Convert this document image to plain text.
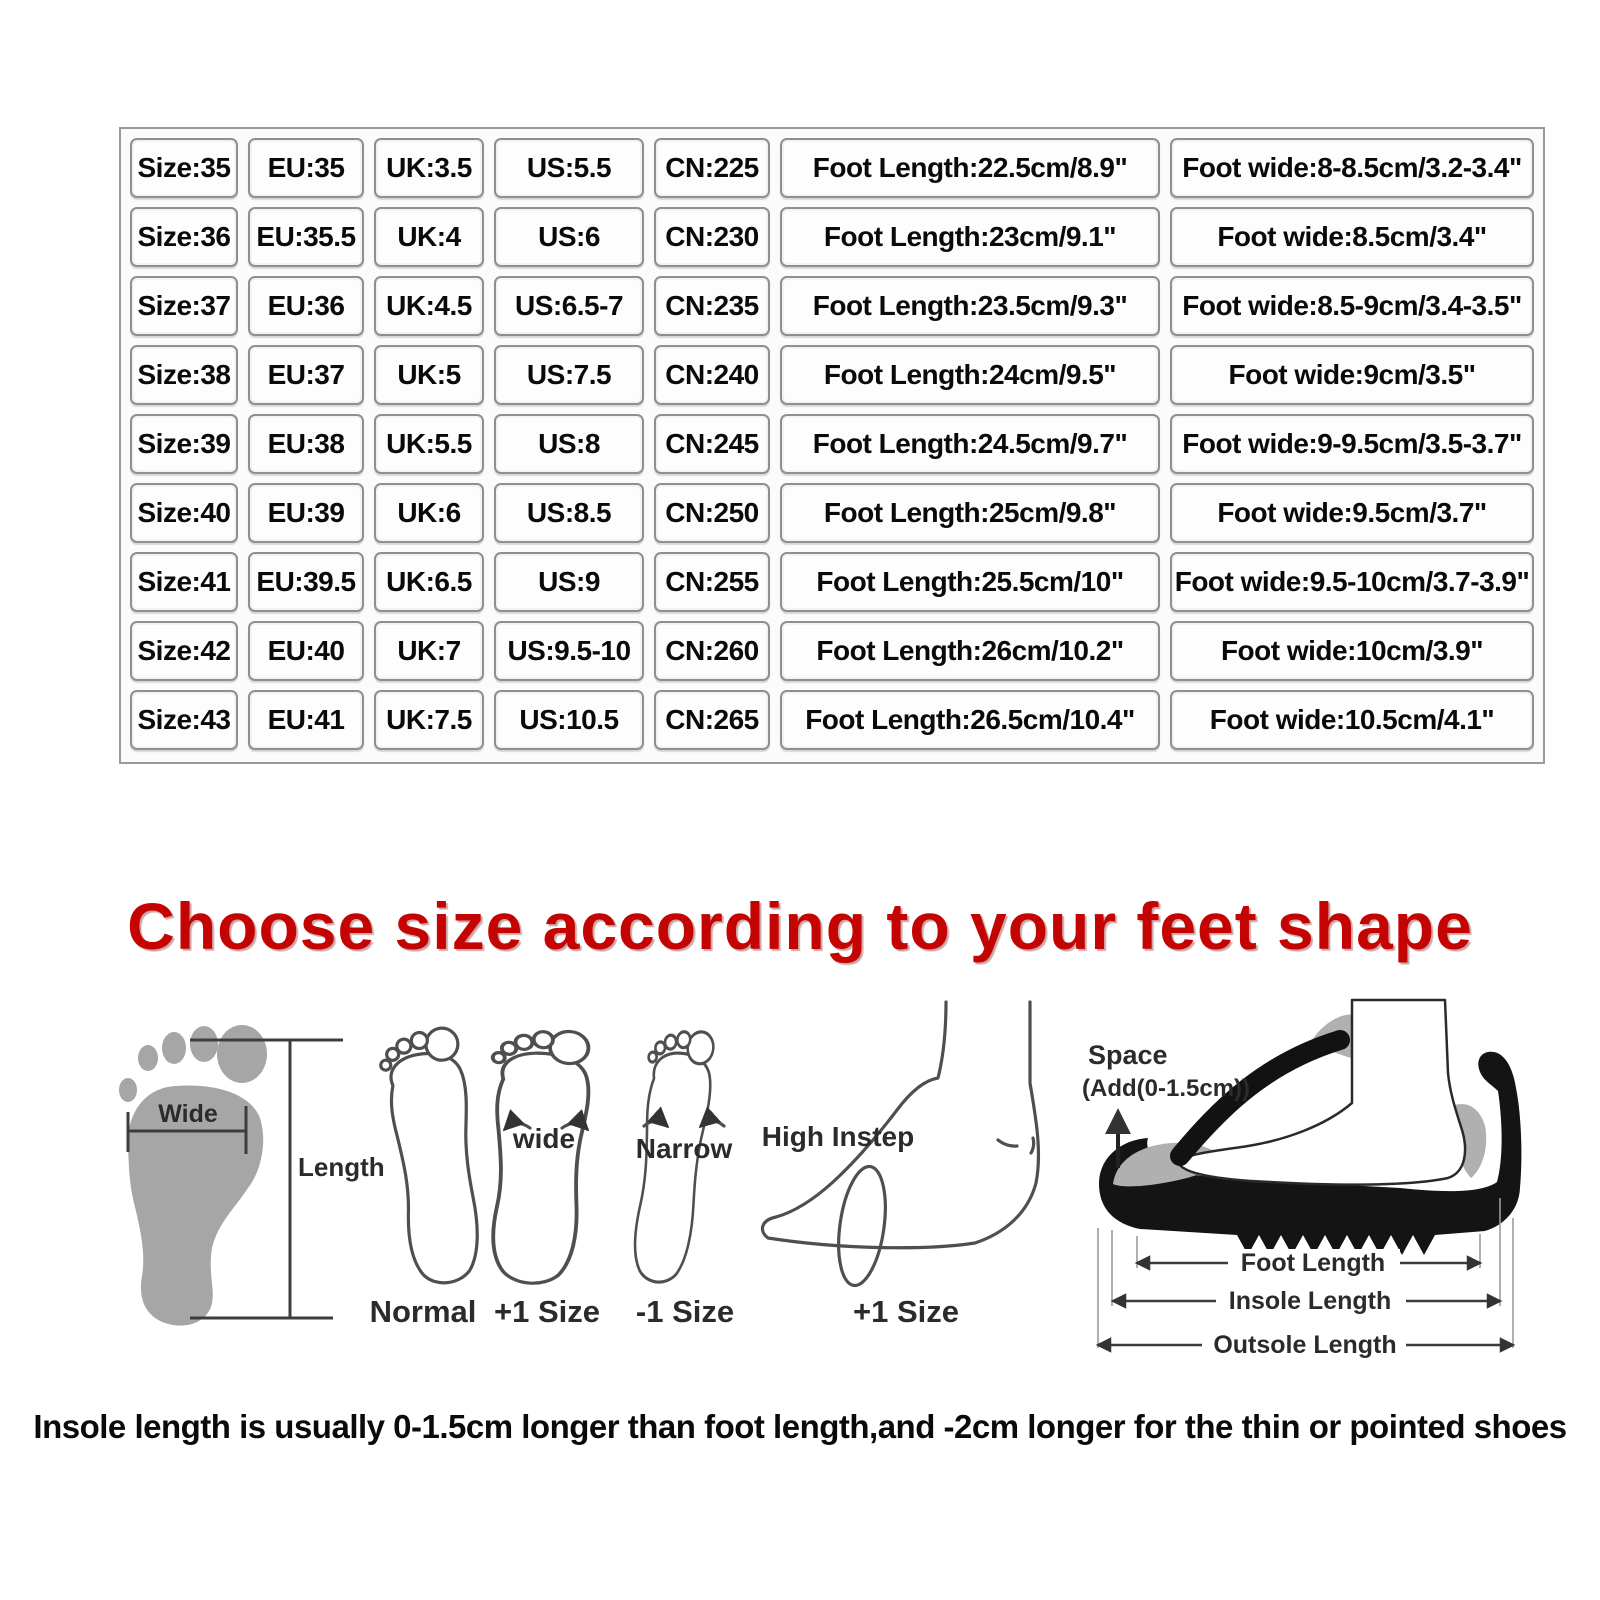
Size:35	EU:35	UK:3.5	US:5.5	CN:225	Foot Length:22.5cm/8.9"	Foot wide:8-8.5cm/3.2-3.4"
Size:36 EU:35.5	UK:4	US:6	CN:230	Foot Length:23cm/9.1"	Foot wide:8.5cm/3.4"
Size:37	EU:36	UK:4.5	US:6.5-7	CN:235	Foot Length:23.5cm/9.3"	Foot wide:8.5-9cm/3.4-3.5"
Size:38	EU:37	UK:5	US:7.5	CN:240	Foot Length:24cm/9.5"	Foot wide:9cm/3.5"
Size:39	EU:38	UK:5.5	US:8	CN:245	Foot Length:24.5cm/9.7"	Foot wide:9-9.5cm/3.5-3.7"
Size:40	EU:39	UK:6	US:8.5	CN:250	Foot Length:25cm/9.8"	Foot wide:9.5cm/3.7"
Size:41 EU:39.5	UK:6.5	US:9	CN:255	Foot Length:25.5cm/10"	Foot wide:9.5-10cm/3.7-3.9"
Size:42	EU:40	UK:7	US:9.5-10	CN:260	Foot Length:26cm/10.2"	Foot wide:10cm/3.9"
Size:43	EU:41	UK:7.5	US:10.5	CN:265	Foot Length:26.5cm/10.4"	Foot wide:10.5cm/4.1"
Choose size according to your feet shape
Wide
Length
Normal
wide
+1 Size
Narrow
-1 Size
High Instep
+1 Size
Space
(Add(0-1.5cm))
Foot Length
Insole Length
Outsole Length
Insole length is usually 0-1.5cm longer than foot length,and -2cm longer for the thin or pointed shoes
